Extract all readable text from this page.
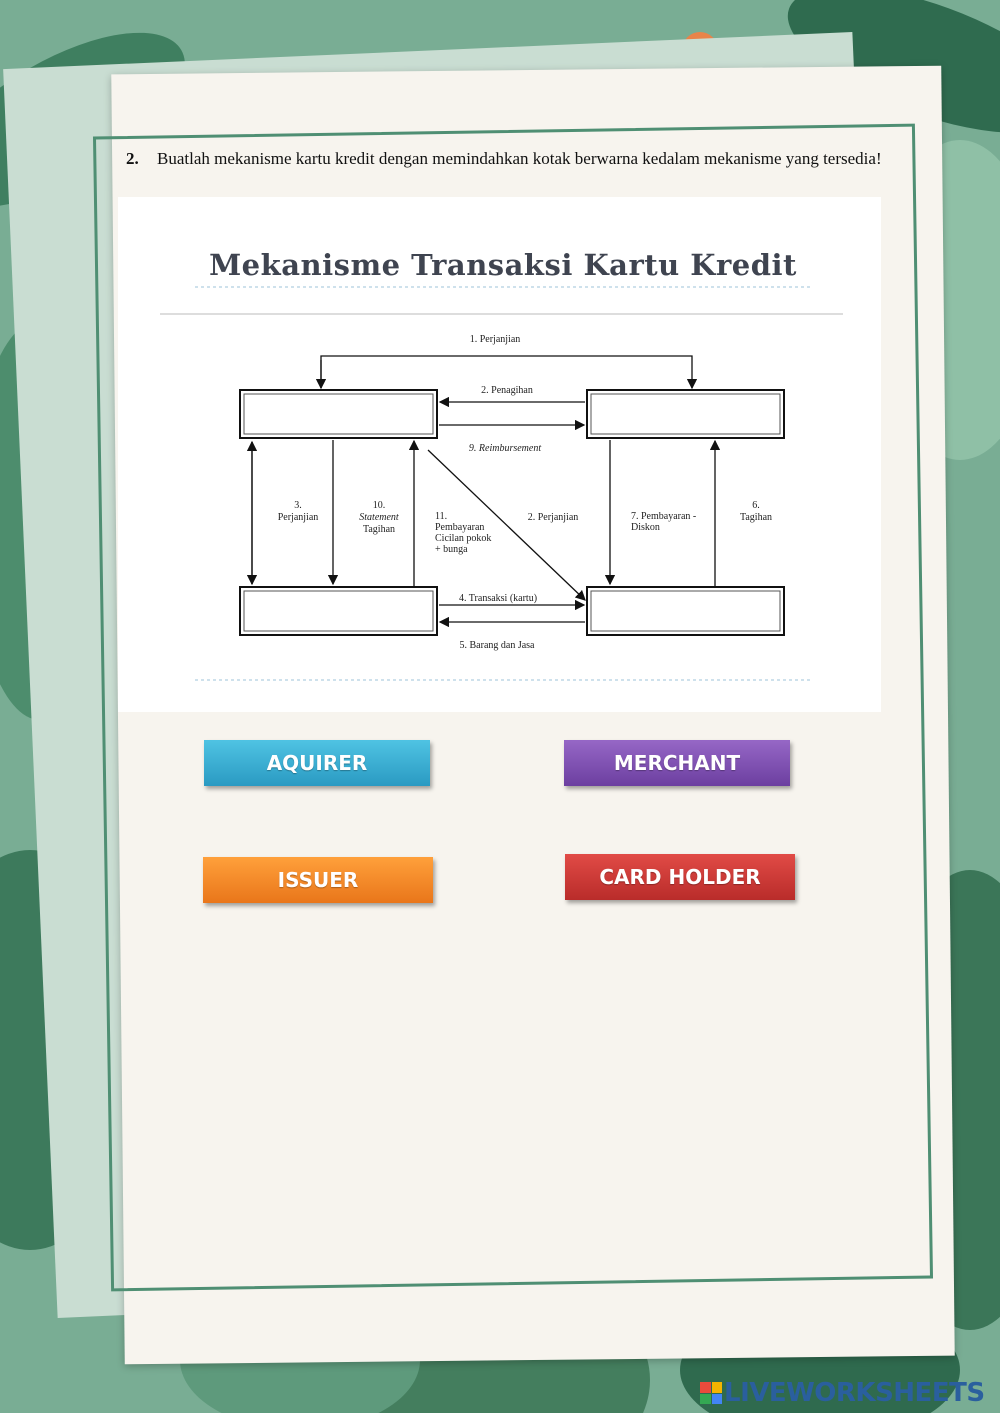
2.	Buatlah mekanisme kartu kredit dengan memindahkan kotak berwarna kedalam mekanisme yang tersedia!
Mekanisme Transaksi Kartu Kredit
1. Perjanjian
2. Penagihan
9. Reimbursement
3.
Perjanjian
10.
Statement
Tagihan
11.
Pembayaran
Cicilan pokok
+ bunga
2. Perjanjian	7. Pembayaran -
Diskon
6.
Tagihan
4. Transaksi (kartu)
5. Barang dan Jasa
AQUIRER	MERCHANT
ISSUER	CARD HOLDER
LIVEWORKSHEETS
